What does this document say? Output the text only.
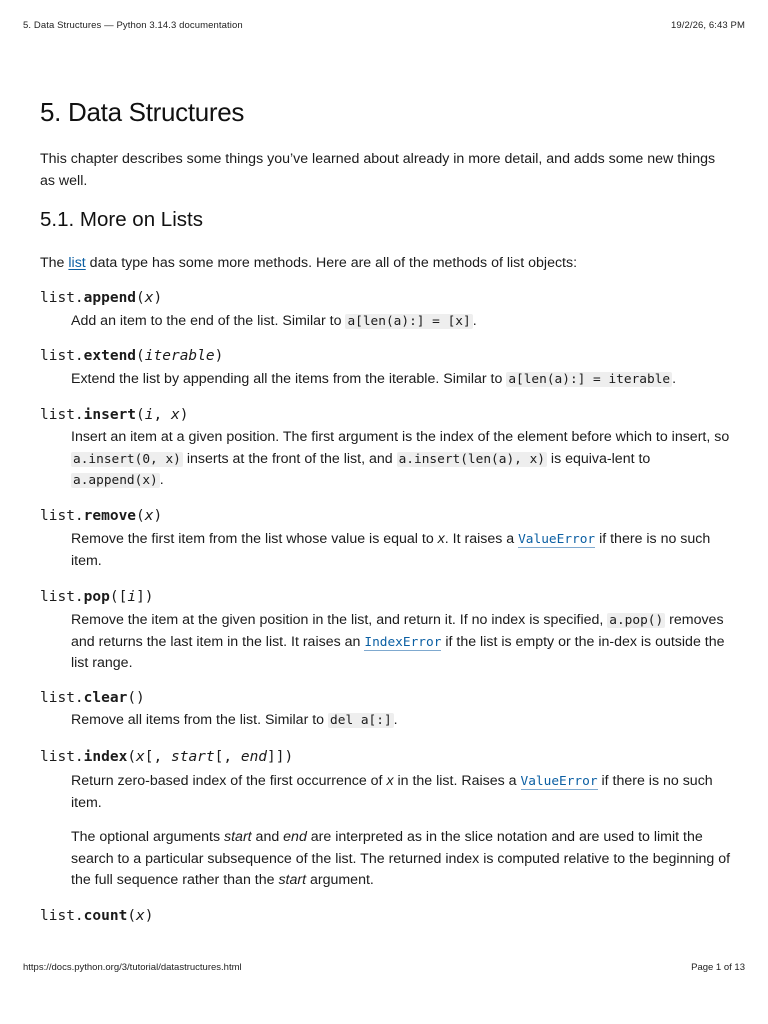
5. Data Structures — Python 3.14.3 documentation	19/2/26, 6:43 PM
5. Data Structures

This chapter describes some things you’ve learned about already in more detail, and adds some new things as well.

5.1. More on Lists

The list data type has some more methods. Here are all of the methods of list objects:

list.append(x)

Add an item to the end of the list. Similar to a[len(a):] = [x] .

list.extend(iterable)

Extend the list by appending all the items from the iterable. Similar to a[len(a):] = iterable .

list.insert(i, x)

Insert an item at a given position. The first argument is the index of the element before which to insert, so a.insert(0, x) inserts at the front of the list, and a.insert(len(a), x) is equiva-lent to a.append(x) .

list.remove(x)

Remove the first item from the list whose value is equal to x. It raises a ValueError if there is no such item.

list.pop([i])

Remove the item at the given position in the list, and return it. If no index is specified, a.pop() removes and returns the last item in the list. It raises an IndexError if the list is empty or the in-dex is outside the list range.

list.clear()

Remove all items from the list. Similar to del a[:] .

list.index(x[, start[, end]])

Return zero-based index of the first occurrence of x in the list. Raises a ValueError if there is no such item.

The optional arguments start and end are interpreted as in the slice notation and are used to limit the search to a particular subsequence of the list. The returned index is computed relative to the beginning of the full sequence rather than the start argument.

list.count(x)
https://docs.python.org/3/tutorial/datastructures.html	Page 1 of 13
